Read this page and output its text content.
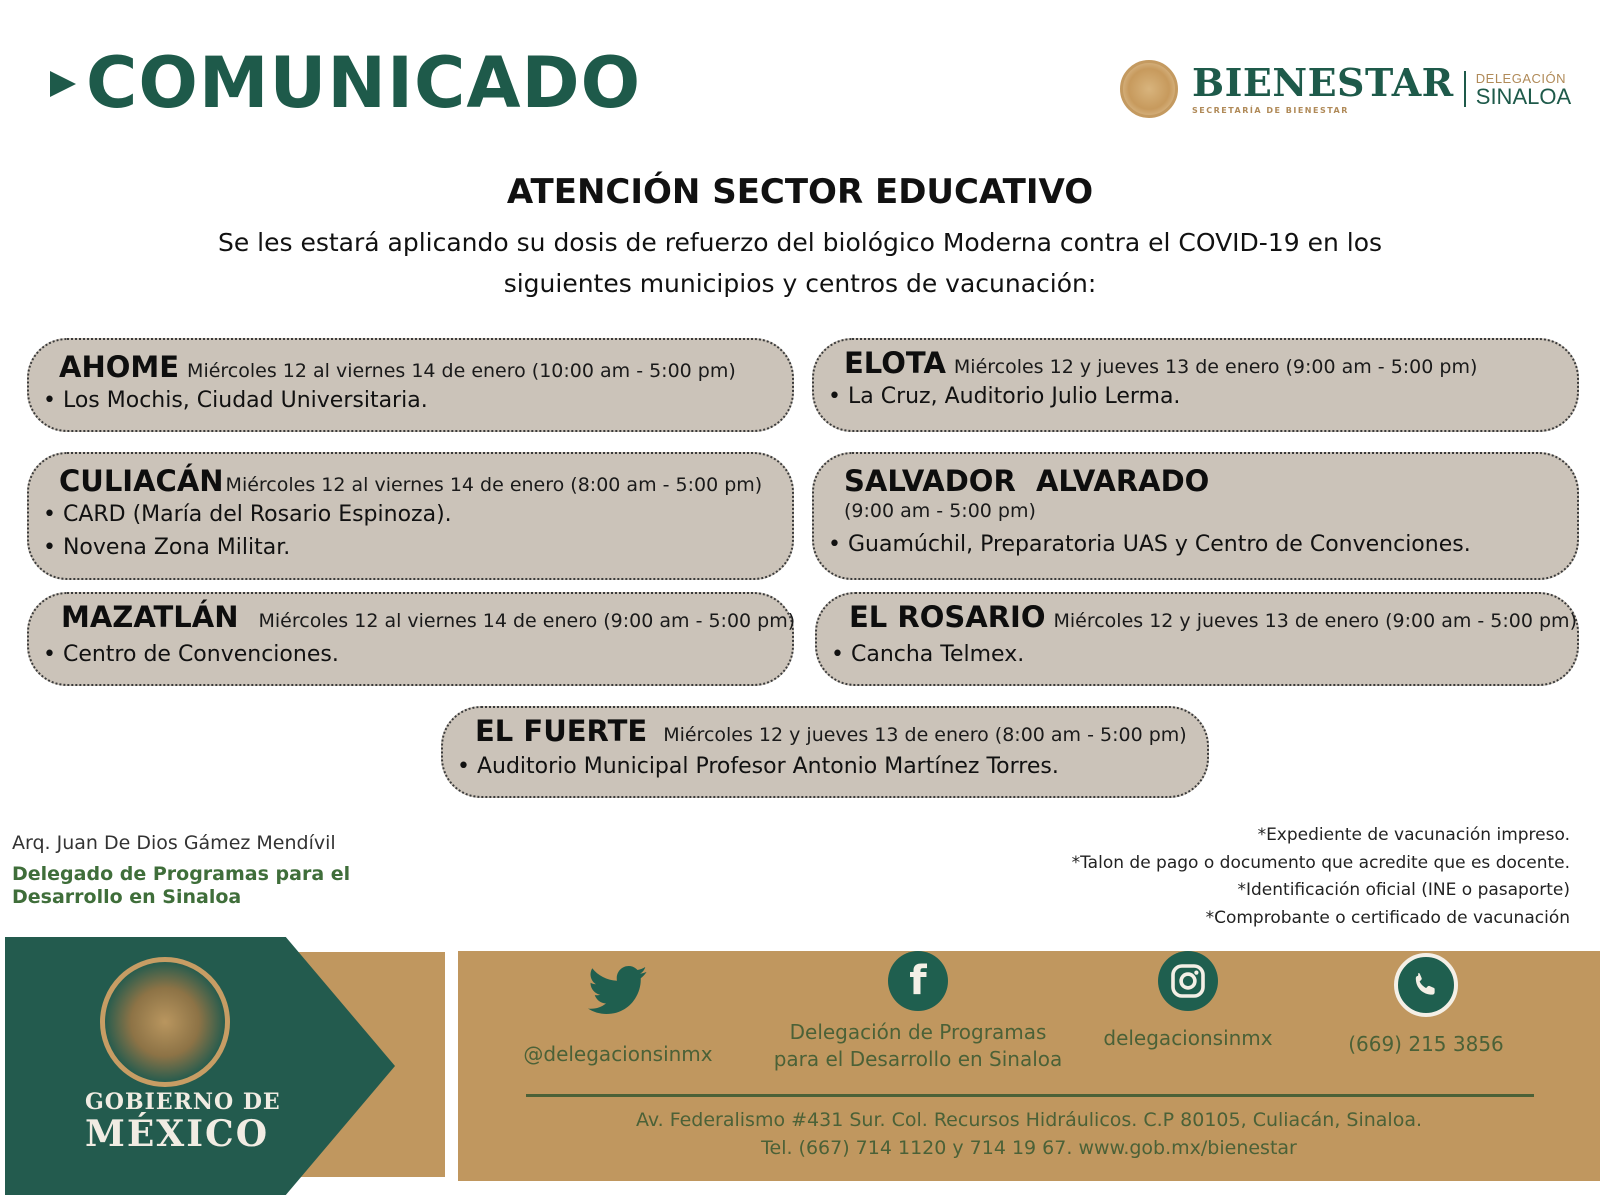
COMUNICADO	BIENESTAR
SECRETARÍA DE BIENESTAR
DELEGACIÓN
SINALOA
ATENCIÓN SECTOR EDUCATIVO
Se les estará aplicando su dosis de refuerzo del biológico Moderna contra el COVID-19 en los
siguientes municipios y centros de vacunación:
AHOME Miércoles 12 al viernes 14 de enero (10:00 am - 5:00 pm)
• Los Mochis, Ciudad Universitaria.
ELOTA Miércoles 12 y jueves 13 de enero (9:00 am - 5:00 pm)
• La Cruz, Auditorio Julio Lerma.
CULIACÁN Miércoles 12 al viernes 14 de enero (8:00 am - 5:00 pm)
• CARD (María del Rosario Espinoza).
• Novena Zona Militar.
SALVADOR  ALVARADO
(9:00 am - 5:00 pm)
• Guamúchil, Preparatoria UAS y Centro de Convenciones.
MAZATLÁN Miércoles 12 al viernes 14 de enero (9:00 am - 5:00 pm)
• Centro de Convenciones.
EL ROSARIO Miércoles 12 y jueves 13 de enero (9:00 am - 5:00 pm)
• Cancha Telmex.
EL FUERTE Miércoles 12 y jueves 13 de enero (8:00 am - 5:00 pm)
• Auditorio Municipal Profesor Antonio Martínez Torres.
Arq. Juan De Dios Gámez Mendívil
Delegado de Programas para el Desarrollo en Sinaloa
*Expediente de vacunación impreso.
*Talon de pago o documento que acredite que es docente.
*Identificación oficial (INE o pasaporte)
*Comprobante o certificado de vacunación
GOBIERNO DE
MÉXICO
@delegacionsinmx
f
Delegación de Programas
para el Desarrollo en Sinaloa
delegacionsinmx	(669) 215 3856
Av. Federalismo #431 Sur. Col. Recursos Hidráulicos. C.P 80105, Culiacán, Sinaloa.
Tel. (667) 714 1120 y 714 19 67. www.gob.mx/bienestar
